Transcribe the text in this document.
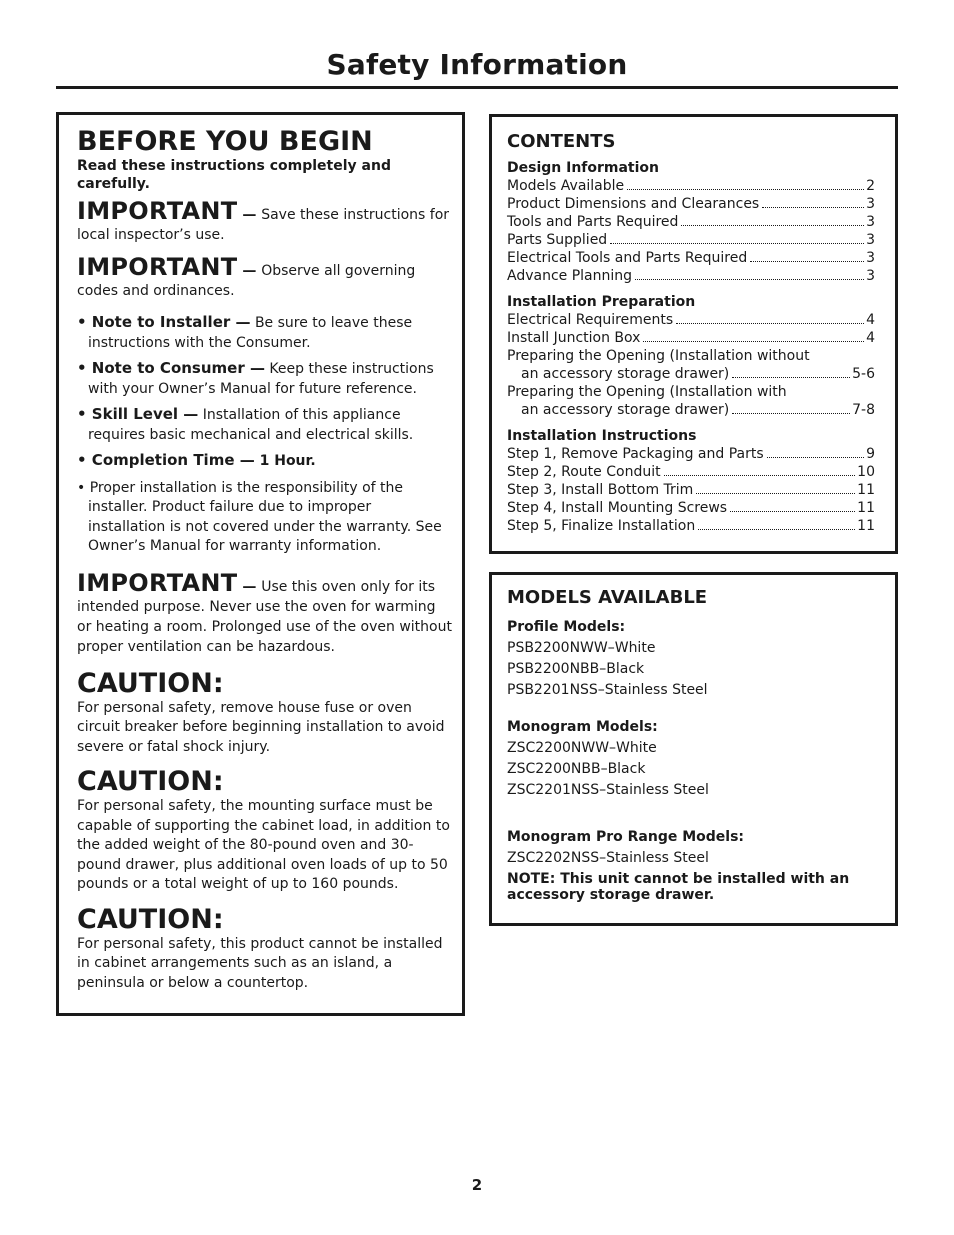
Safety Information

BEFORE YOU BEGIN

Read these instructions completely and carefully.

IMPORTANT — Save these instructions for local inspector’s use.

IMPORTANT — Observe all governing codes and ordinances.

• Note to Installer — Be sure to leave these instructions with the Consumer.

• Note to Consumer — Keep these instructions with your Owner’s Manual for future reference.

• Skill Level — Installation of this appliance requires basic mechanical and electrical skills.

• Completion Time — 1 Hour.

• Proper installation is the responsibility of the installer. Product failure due to improper installation is not covered under the warranty. See Owner’s Manual for warranty information.

IMPORTANT — Use this oven only for its intended purpose. Never use the oven for warming or heating a room. Prolonged use of the oven without proper ventilation can be hazardous.

CAUTION:

For personal safety, remove house fuse or oven circuit breaker before beginning installation to avoid severe or fatal shock injury.

CAUTION:

For personal safety, the mounting surface must be capable of supporting the cabinet load, in addition to the added weight of the 80-pound oven and 30-pound drawer, plus additional oven loads of up to 50 pounds or a total weight of up to 160 pounds.

CAUTION:

For personal safety, this product cannot be installed in cabinet arrangements such as an island, a peninsula or below a countertop.

CONTENTS

Design Information

Models Available	2
Product Dimensions and Clearances	3
Tools and Parts Required	3
Parts Supplied	3
Electrical Tools and Parts Required	3
Advance Planning	3

Installation Preparation

Electrical Requirements	4
Install Junction Box	4
Preparing the Opening (Installation without
an accessory storage drawer)	5-6
Preparing the Opening (Installation with
an accessory storage drawer)	7-8

Installation Instructions

Step 1, Remove Packaging and Parts	9
Step 2, Route Conduit	10
Step 3, Install Bottom Trim	11
Step 4, Install Mounting Screws	11
Step 5, Finalize Installation	11

MODELS AVAILABLE

Profile Models:

PSB2200NWW–White

PSB2200NBB–Black

PSB2201NSS–Stainless Steel

Monogram Models:

ZSC2200NWW–White

ZSC2200NBB–Black

ZSC2201NSS–Stainless Steel

Monogram Pro Range Models:

ZSC2202NSS–Stainless Steel

NOTE: This unit cannot be installed with an accessory storage drawer.

2
